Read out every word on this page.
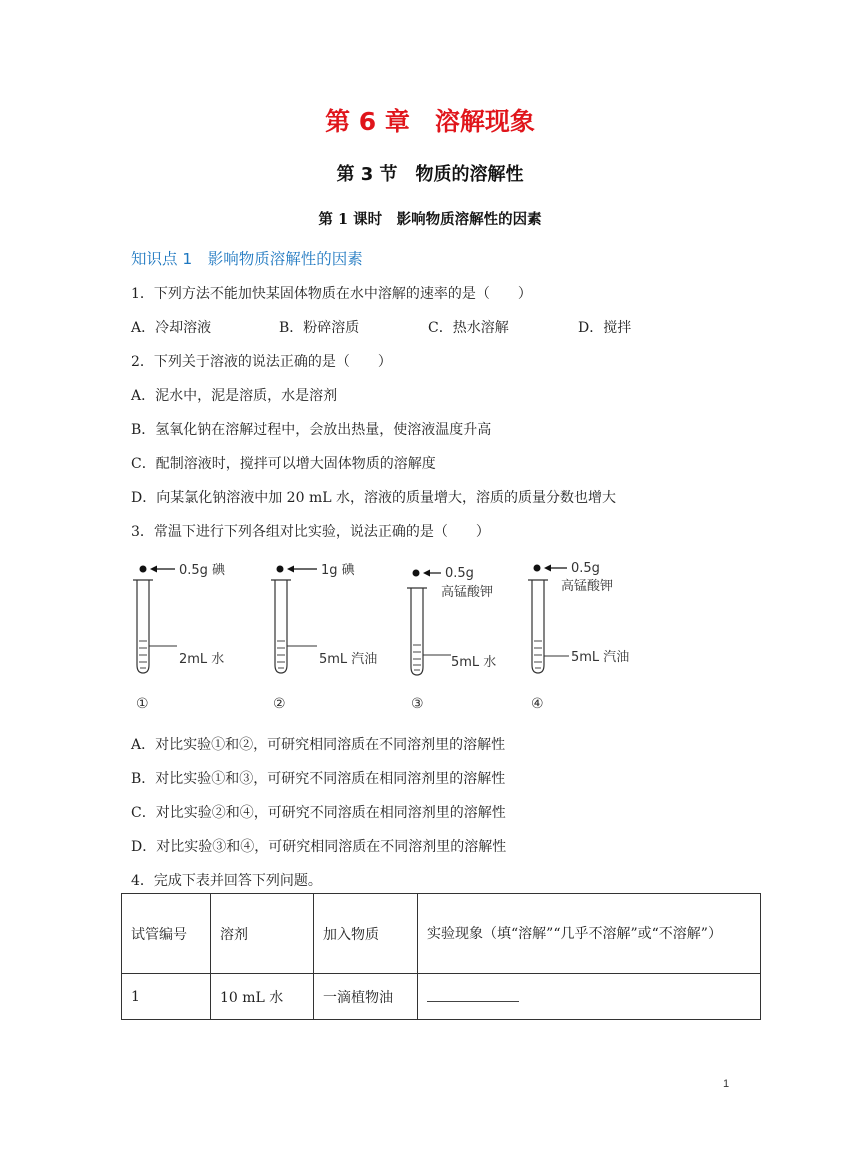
第 6 章　溶解现象
第 3 节　物质的溶解性
第 1 课时　影响物质溶解性的因素
知识点 1　影响物质溶解性的因素
1．下列方法不能加快某固体物质在水中溶解的速率的是（　　）
A．冷却溶液	B．粉碎溶质	C．热水溶解	D．搅拌
2．下列关于溶液的说法正确的是（　　）
A．泥水中，泥是溶质，水是溶剂
B．氢氧化钠在溶解过程中，会放出热量，使溶液温度升高
C．配制溶液时，搅拌可以增大固体物质的溶解度
D．向某氯化钠溶液中加 20 mL 水，溶液的质量增大，溶质的质量分数也增大
3．常温下进行下列各组对比实验，说法正确的是（　　）
0.5g 碘
2mL 水
①
1g 碘
5mL 汽油
②
0.5g
高锰酸钾
5mL 水
③
0.5g
高锰酸钾
5mL 汽油
④
A．对比实验①和②，可研究相同溶质在不同溶剂里的溶解性
B．对比实验①和③，可研究不同溶质在相同溶剂里的溶解性
C．对比实验②和④，可研究不同溶质在相同溶剂里的溶解性
D．对比实验③和④，可研究相同溶质在不同溶剂里的溶解性
4．完成下表并回答下列问题。
试管编号	溶剂	加入物质	实验现象（填“溶解”“几乎不溶解”或“不溶解”）
1	10 mL 水	一滴植物油	
1
